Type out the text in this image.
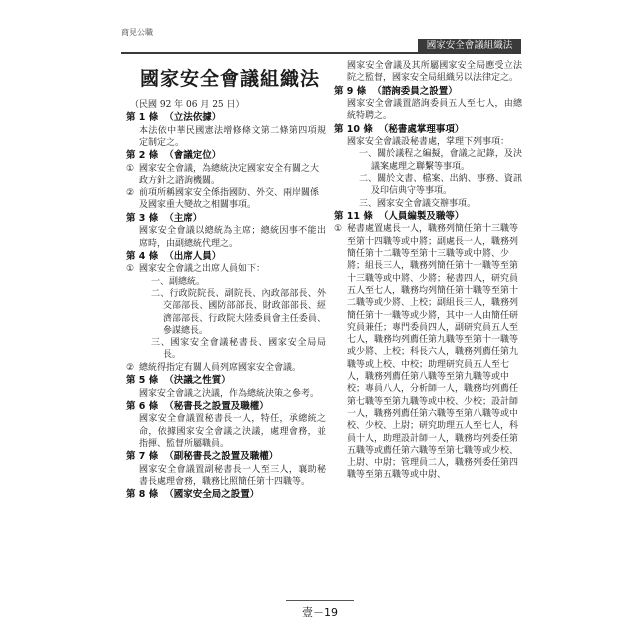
商見公職
國家安全會議組織法
國家安全會議組織法
（民國 92 年 06 月 25 日）
第 1 條 （立法依據）
本法依中華民國憲法增修條文第二條第四項規定制定之。
第 2 條 （會議定位）
① 國家安全會議，為總統決定國家安全有關之大政方針之諮詢機關。
② 前項所稱國家安全係指國防、外交、兩岸關係及國家重大變故之相關事項。
第 3 條 （主席）
國家安全會議以總統為主席；總統因事不能出席時，由副總統代理之。
第 4 條 （出席人員）
① 國家安全會議之出席人員如下：
一、副總統。
二、行政院院長、副院長、內政部部長、外交部部長、國防部部長、財政部部長、經濟部部長、行政院大陸委員會主任委員、參謀總長。
三、國家安全會議秘書長、國家安全局局長。
② 總統得指定有關人員列席國家安全會議。
第 5 條 （決議之性質）
國家安全會議之決議，作為總統決策之參考。
第 6 條 （秘書長之設置及職權）
國家安全會議置秘書長一人，特任，承總統之命，依據國家安全會議之決議，處理會務，並指揮、監督所屬職員。
第 7 條 （副秘書長之設置及職權）
國家安全會議置副秘書長一人至三人，襄助秘書長處理會務，職務比照簡任第十四職等。
第 8 條 （國家安全局之設置）
國家安全會議及其所屬國家安全局應受立法院之監督，國家安全局組織另以法律定之。
第 9 條 （諮詢委員之設置）
國家安全會議置諮詢委員五人至七人，由總統特聘之。
第 10 條 （秘書處掌理事項）
國家安全會議設秘書處，掌理下列事項：
一、關於議程之編擬，會議之記錄，及決議案處理之聯繫等事項。
二、關於文書、檔案、出納、事務、資訊及印信典守等事項。
三、國家安全會議交辦事項。
第 11 條 （人員編製及職等）
① 秘書處置處長一人，職務列簡任第十三職等至第十四職等或中將；副處長一人，職務列簡任第十二職等至第十三職等或中將、少將；組長三人，職務列簡任第十一職等至第十三職等或中將、少將；秘書四人，研究員五人至七人，職務均列簡任第十職等至第十二職等或少將、上校；副組長三人，職務列簡任第十一職等或少將，其中一人由簡任研究員兼任；專門委員四人，副研究員五人至七人，職務均列薦任第九職等至第十一職等或少將、上校；科長六人，職務列薦任第九職等或上校、中校；助理研究員五人至七人，職務列薦任第八職等至第九職等或中校；專員八人，分析師一人，職務均列薦任第七職等至第九職等或中校、少校；設計師一人，職務列薦任第六職等至第八職等或中校、少校、上尉；研究助理五人至七人，科員十人，助理設計師一人，職務均列委任第五職等或薦任第六職等至第七職等或少校、上尉、中尉；管理員二人，職務列委任第四職等至第五職等或中尉、
壹－19
